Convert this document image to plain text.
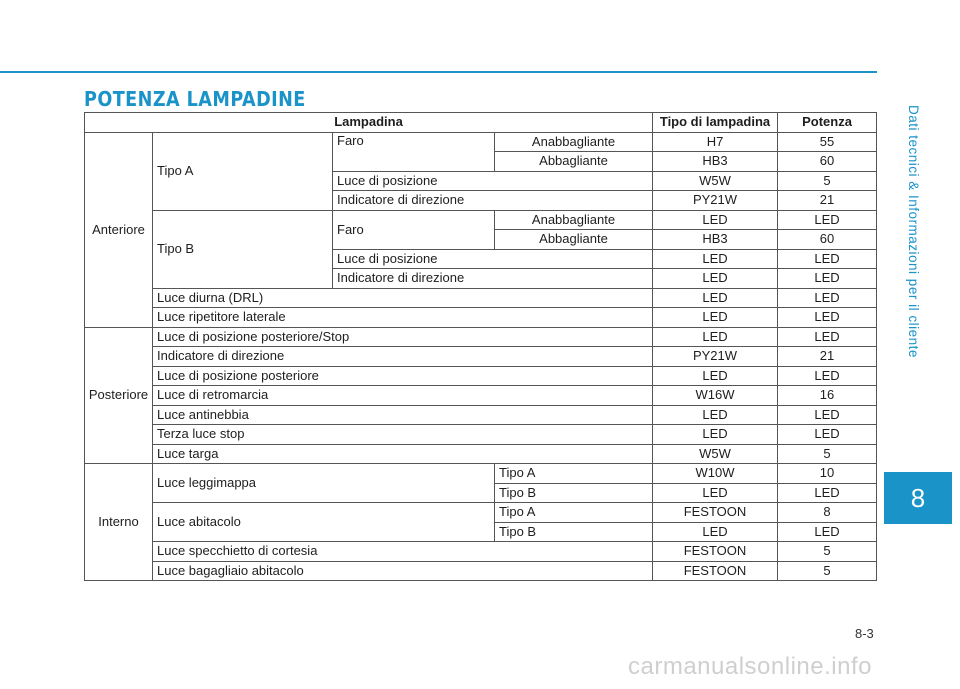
POTENZA LAMPADINE
Lampadina				Tipo di lampadina	Potenza
Anteriore	Tipo A	Faro	Anabbagliante	H7	55
			Abbagliante	HB3	60
		Luce di posizione		W5W	5
		Indicatore di direzione		PY21W	21
	Tipo B	Faro	Anabbagliante	LED	LED
			Abbagliante	HB3	60
		Luce di posizione		LED	LED
		Indicatore di direzione		LED	LED
	Luce diurna (DRL)			LED	LED
	Luce ripetitore laterale			LED	LED
Posteriore	Luce di posizione posteriore/Stop			LED	LED
	Indicatore di direzione			PY21W	21
	Luce di posizione posteriore			LED	LED
	Luce di retromarcia			W16W	16
	Luce antinebbia			LED	LED
	Terza luce stop			LED	LED
	Luce targa			W5W	5
Interno	Luce leggimappa		Tipo A	W10W	10
			Tipo B	LED	LED
	Luce abitacolo		Tipo A	FESTOON	8
			Tipo B	LED	LED
	Luce specchietto di cortesia			FESTOON	5
	Luce bagagliaio abitacolo			FESTOON	5
Dati tecnici & Informazioni per il cliente
8
8-3
carmanualsonline.info
